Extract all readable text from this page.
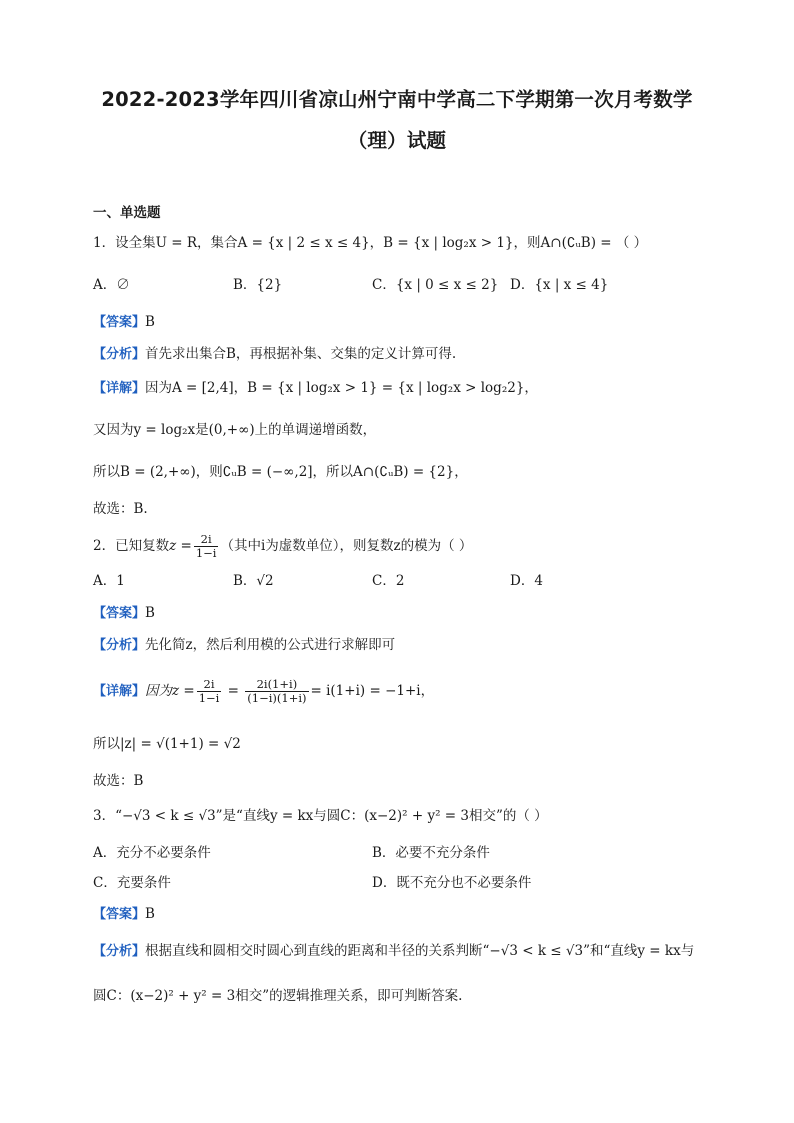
2022-2023学年四川省凉山州宁南中学高二下学期第一次月考数学
（理）试题
一、单选题
1．设全集U = R，集合A = {x | 2 ≤ x ≤ 4}，B = {x | log₂x > 1}，则A∩(∁ᵤB) = （ ）
A．∅	B．{2}	C．{x | 0 ≤ x ≤ 2} D．{x | x ≤ 4}
【答案】B
【分析】首先求出集合B，再根据补集、交集的定义计算可得.
【详解】因为A = [2,4]，B = {x | log₂x > 1} = {x | log₂x > log₂2}，
又因为y = log₂x是(0,+∞)上的单调递增函数，
所以B = (2,+∞)，则∁ᵤB = (−∞,2]，所以A∩(∁ᵤB) = {2}，
故选：B.
2．已知复数$z = \frac{2i}{1-i}$ （其中i为虚数单位），则复数z的模为（ ）
A．1	B．√2	C．2	D．4
【答案】B
【分析】先化简z，然后利用模的公式进行求解即可
【详解】因为$z = \frac{2i}{1-i} = \frac{2i(1+i)}{(1-i)(1+i)} = i(1+i) = -1+i$，
所以|z| = √(1+1) = √2
故选：B
3．“−√3 < k ≤ √3”是“直线y = kx与圆C：(x−2)² + y² = 3相交”的（ ）
A．充分不必要条件	B．必要不充分条件
C．充要条件	D．既不充分也不必要条件
【答案】B
【分析】根据直线和圆相交时圆心到直线的距离和半径的关系判断“−√3 < k ≤ √3”和“直线y = kx与
圆C：(x−2)² + y² = 3相交”的逻辑推理关系，即可判断答案.
